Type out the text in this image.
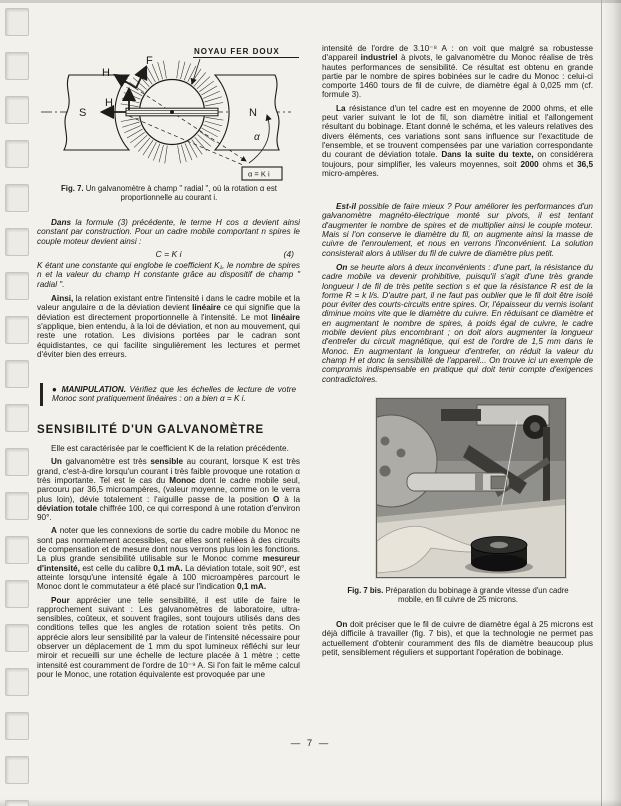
NOYAU FER DOUX
H
F
F
H
S	N
α
α = K i
Fig. 7. Un galvanomètre à champ " radial ", où la rotation α est proportionnelle au courant i.

Dans la formule (3) précédente, le terme H cos α devient ainsi constant par construction. Pour un cadre mobile comportant n spires le couple moteur devient ainsi :

C = K i	(4)

K étant une constante qui englobe le coefficient K₁, le nombre de spires n et la valeur du champ H constante grâce au dispositif de champ " radial ".

Ainsi, la relation existant entre l'intensité i dans le cadre mobile et la valeur angulaire α de la déviation devient linéaire ce qui signifie que la déviation est directement proportionnelle à l'intensité. Le mot linéaire s'applique, bien entendu, à la loi de déviation, et non au mouvement, qui reste une rotation. Les divisions portées par le cadran sont équidistantes, ce qui facilite singulièrement les lectures et permet d'éviter bien des erreurs.

● MANIPULATION. Vérifiez que les échelles de lecture de votre Monoc sont pratiquement linéaires : on a bien α = K i.
SENSIBILITÉ D'UN GALVANOMÈTRE

Elle est caractérisée par le coefficient K de la relation précédente.

Un galvanomètre est très sensible au courant, lorsque K est très grand, c'est-à-dire lorsqu'un courant i très faible provoque une rotation α très importante. Tel est le cas du Monoc dont le cadre mobile seul, parcouru par 36,5 microampères, (valeur moyenne, comme on le verra plus loin), dévie totalement : l'aiguille passe de la position O à la déviation totale chiffrée 100, ce qui correspond à une rotation d'environ 90°.

A noter que les connexions de sortie du cadre mobile du Monoc ne sont pas normalement accessibles, car elles sont reliées à des circuits de compensation et de mesure dont nous verrons plus loin les fonctions. La plus grande sensibilité utilisable sur le Monoc comme mesureur d'intensité, est celle du calibre 0,1 mA. La déviation totale, soit 90°, est atteinte lorsqu'une intensité égale à 100 microampères parcourt le Monoc dont le commutateur a été placé sur l'indication 0,1 mA.

Pour apprécier une telle sensibilité, il est utile de faire le rapprochement suivant : Les galvanomètres de laboratoire, ultra-sensibles, coûteux, et souvent fragiles, sont toujours utilisés dans des conditions telles que les angles de rotation soient très petits. On apprécie alors leur sensibilité par la valeur de l'intensité nécessaire pour observer un déplacement de 1 mm du spot lumineux réfléchi sur leur miroir et recueilli sur une échelle de lecture placée à 1 mètre ; cette intensité est couramment de l'ordre de 10⁻⁹ A. Si l'on fait le même calcul pour le Monoc, une rotation équivalente est provoquée par une

intensité de l'ordre de 3.10⁻⁸ A : on voit que malgré sa robustesse d'appareil industriel à pivots, le galvanomètre du Monoc réalise de très hautes performances de sensibilité. Ce résultat est obtenu en grande partie par le nombre de spires bobinées sur le cadre du Monoc : celui-ci comporte 1460 tours de fil de cuivre, de diamètre égal à 0,025 mm (cf. formule 3).

La résistance d'un tel cadre est en moyenne de 2000 ohms, et elle peut varier suivant le lot de fil, son diamètre initial et l'allongement résultant du bobinage. Etant donné le schéma, et les valeurs relatives des divers éléments, ces variations sont sans influence sur l'exactitude de l'ensemble, et se trouvent compensées par une variation correspondante du courant de déviation totale. Dans la suite du texte, on considérera toujours, pour simplifier, les valeurs moyennes, soit 2000 ohms et 36,5 micro-ampères.

Est-il possible de faire mieux ? Pour améliorer les performances d'un galvanomètre magnéto-électrique monté sur pivots, il est tentant d'augmenter le nombre de spires et de multiplier ainsi le couple moteur. Mais si l'on conserve le diamètre du fil, on augmente ainsi la masse de cuivre de l'enroulement, et nous en verrons l'inconvénient. La solution consisterait alors à utiliser du fil de cuivre de diamètre plus petit.

On se heurte alors à deux inconvénients : d'une part, la résistance du cadre mobile va devenir prohibitive, puisqu'il s'agit d'une très grande longueur l de fil de très petite section s et que la résistance R est de la forme R = k l/s. D'autre part, il ne faut pas oublier que le fil doit être isolé pour éviter des courts-circuits entre spires. Or, l'épaisseur du vernis isolant diminue moins vite que le diamètre du cuivre. En réduisant ce diamètre et en augmentant le nombre de spires, à poids égal de cuivre, le cadre mobile devient plus encombrant ; on doit alors augmenter la longueur d'entrefer du circuit magnétique, qui est de l'ordre de 1,5 mm dans le Monoc. En augmentant la longueur d'entrefer, on réduit la valeur du champ H et donc la sensibilité de l'appareil... On trouve ici un exemple de compromis indispensable en pratique qui doit tenir compte d'exigences contradictoires.

Fig. 7 bis. Préparation du bobinage à grande vitesse d'un cadre mobile, en fil cuivre de 25 microns.

On doit préciser que le fil de cuivre de diamètre égal à 25 microns est déjà difficile à travailler (fig. 7 bis), et que la technologie ne permet pas actuellement d'obtenir couramment des fils de diamètre beaucoup plus petit, sensiblement réguliers et supportant l'opération de bobinage.

— 7 —
